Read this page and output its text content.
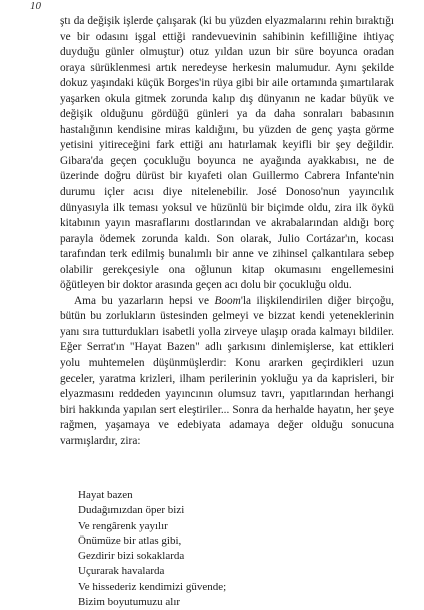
10

ştı da değişik işlerde çalışarak (ki bu yüzden elyazmalarını rehin bıraktığı ve bir odasını işgal ettiği randevuevinin sahibinin kefilliğine ihtiyaç duyduğu günler olmuştur) otuz yıldan uzun bir süre boyunca oradan oraya sürüklenmesi artık neredeyse herkesin malumudur. Aynı şekilde dokuz yaşındaki küçük Borges'in rüya gibi bir aile ortamında şımartılarak yaşarken okula gitmek zorunda kalıp dış dünyanın ne kadar büyük ve değişik olduğunu gördüğü günleri ya da daha sonraları babasının hastalığının kendisine miras kaldığını, bu yüzden de genç yaşta görme yetisini yitireceğini fark ettiği anı hatırlamak keyifli bir şey değildir. Gibara'da geçen çocukluğu boyunca ne ayağında ayakkabısı, ne de üzerinde doğru dürüst bir kıyafeti olan Guillermo Cabrera Infante'nin durumu içler acısı diye nitelenebilir. José Donoso'nun yayıncılık dünyasıyla ilk teması yoksul ve hüzünlü bir biçimde oldu, zira ilk öykü kitabının yayın masraflarını dostlarından ve akrabalarından aldığı borç parayla ödemek zorunda kaldı. Son olarak, Julio Cortázar'ın, kocası tarafından terk edilmiş bunalımlı bir anne ve zihinsel çalkantılara sebep olabilir gerekçesiyle ona oğlunun kitap okumasını engellemesini öğütleyen bir doktor arasında geçen acı dolu bir çocukluğu oldu.

Ama bu yazarların hepsi ve Boom'la ilişkilendirilen diğer birçoğu, bütün bu zorlukların üstesinden gelmeyi ve bizzat kendi yeteneklerinin yanı sıra tutturdukları isabetli yolla zirveye ulaşıp orada kalmayı bildiler. Eğer Serrat'ın "Hayat Bazen" adlı şarkısını dinlemişlerse, kat ettikleri yolu muhtemelen düşünmüşlerdir: Konu ararken geçirdikleri uzun geceler, yaratma krizleri, ilham perilerinin yokluğu ya da kaprisleri, bir elyazmasını reddeden yayıncının olumsuz tavrı, yapıtlarından herhangi biri hakkında yapılan sert eleştiriler... Sonra da herhalde hayatın, her şeye rağmen, yaşamaya ve edebiyata adamaya değer olduğu sonucuna varmışlardır, zira:

Hayat bazen
Dudağımızdan öper bizi
Ve rengârenk yayılır
Önümüze bir atlas gibi,
Gezdirir bizi sokaklarda
Uçurarak havalarda
Ve hissederiz kendimizi güvende;
Bizim boyutumuzu alır
